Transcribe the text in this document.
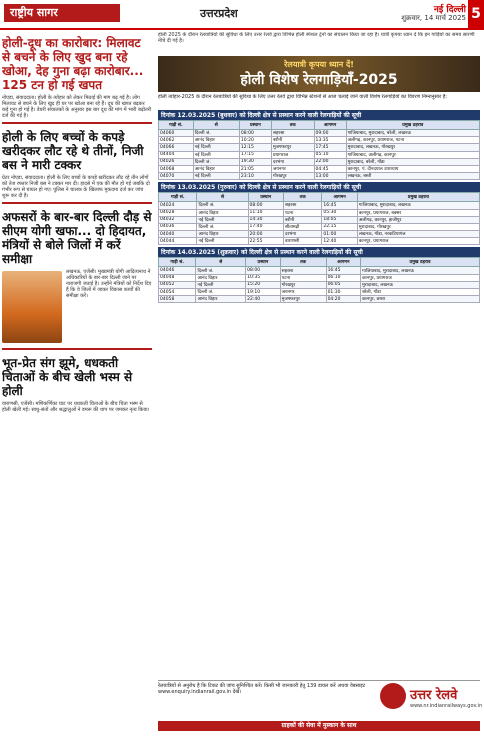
राष्ट्रीय सागर	उत्तरप्रदेश	नई दिल्ली
शुक्रवार, 14 मार्च 2025 5
होली-दूध का कारोबार: मिलावट से बचने के लिए खुद बना रहे खोआ, देह गुना बढ़ा कारोबार... 125 टन हो गई खपत
नोएडा, संवाददाता। होली के त्योहार को लेकर मिठाई की मांग बढ़ गई है। लोग मिलावट से बचने के लिए खुद ही घर पर खोआ बना रहे हैं। दूध की खपत बढ़कर कई गुना हो गई है। डेयरी संचालकों के अनुसार इस बार दूध की मांग में भारी बढ़ोतरी दर्ज की गई है।
होली के लिए बच्चों के कपड़े खरीदकर लौट रहे थे तीनों, निजी बस ने मारी टक्कर
ग्रेटर नोएडा, संवाददाता। होली के लिए बच्चों के कपड़े खरीदकर लौट रहे तीन लोगों को तेज रफ्तार निजी बस ने टक्कर मार दी। हादसे में एक की मौत हो गई जबकि दो गंभीर रूप से घायल हो गए। पुलिस ने चालक के खिलाफ मुकदमा दर्ज कर जांच शुरू कर दी है।
अफसरों के बार-बार दिल्ली दौड़ से सीएम योगी खफा... दो हिदायत, मंत्रियों से बोले जिलों में करें समीक्षा
लखनऊ, एजेंसी। मुख्यमंत्री योगी आदित्यनाथ ने अधिकारियों के बार-बार दिल्ली जाने पर नाराजगी जताई है। उन्होंने मंत्रियों को निर्देश दिए हैं कि वे जिलों में जाकर विकास कार्यों की समीक्षा करें।
भूत-प्रेत संग झूमे, धधकती चिताओं के बीच खेली भस्म से होली
वाराणसी, एजेंसी। मणिकर्णिका घाट पर धधकती चिताओं के बीच चिता भस्म से होली खेली गई। साधु-संतों और श्रद्धालुओं ने डमरू की थाप पर जमकर नृत्य किया।
होली 2025 के दौरान रेलयात्रियों की सुविधा के लिए उत्तर रेलवे द्वारा विभिन्न होली स्पेशल ट्रेनों का संचालन किया जा रहा है। यात्री कृपया ध्यान दें कि इन गाड़ियों का समय सारणी नीचे दी गई है।
रेलयात्री कृपया ध्यान दें!
होली विशेष रेलगाड़ियाँ-2025
होली त्योहार-2025 के दौरान रेलयात्रियों की सुविधा के लिए उत्तर रेलवे द्वारा विभिन्न स्टेशनों से आज चलाई जाने वाली विशेष रेलगाड़ियों का विवरण निम्नानुसार है:
दिनांक 12.03.2025 (बुधवार) को दिल्ली क्षेत्र से प्रस्थान करने वाली रेलगाड़ियों की सूची
गाड़ी सं.	से	प्रस्थान	तक	आगमन	प्रमुख ठहराव
04060	दिल्ली जं.	08:00	सहरसा	09:00	गाजियाबाद, मुरादाबाद, बरेली, लखनऊ
04062	आनंद विहार	10:20	बरौनी	13:35	अलीगढ़, कानपुर, प्रयागराज, पटना
04066	नई दिल्ली	12:15	मुजफ्फरपुर	17:45	मुरादाबाद, लखनऊ, गोरखपुर
04404	नई दिल्ली	17:15	प्रयागराज	05:10	गाजियाबाद, अलीगढ़, कानपुर
04026	दिल्ली जं.	19:30	दरभंगा	22:00	मुरादाबाद, बरेली, गोंडा
04068	आनंद विहार	21:05	जयनगर	04:45	कानपुर, पं. दीनदयाल उपाध्याय
04070	नई दिल्ली	23:10	गोरखपुर	13:00	लखनऊ, बस्ती
दिनांक 13.03.2025 (गुरुवार) को दिल्ली क्षेत्र से प्रस्थान करने वाली रेलगाड़ियों की सूची
गाड़ी सं.	से	प्रस्थान	तक	आगमन	प्रमुख ठहराव
04024	दिल्ली जं.	08:00	सहरसा	16:45	गाजियाबाद, मुरादाबाद, लखनऊ
04028	आनंद विहार	11:10	पटना	05:30	कानपुर, प्रयागराज, बक्सर
04032	नई दिल्ली	14:30	बरौनी	18:05	अलीगढ़, कानपुर, हाजीपुर
04036	दिल्ली जं.	17:40	सीतामढ़ी	22:15	मुरादाबाद, गोरखपुर
04040	आनंद विहार	20:00	दरभंगा	01:00	लखनऊ, गोंडा, नरकटियागंज
04044	नई दिल्ली	22:55	वाराणसी	12:40	कानपुर, प्रयागराज
दिनांक 14.03.2025 (शुक्रवार) को दिल्ली क्षेत्र से प्रस्थान करने वाली रेलगाड़ियों की सूची
गाड़ी सं.	से	प्रस्थान	तक	आगमन	प्रमुख ठहराव
04046	दिल्ली जं.	08:00	सहरसा	16:45	गाजियाबाद, मुरादाबाद, लखनऊ
04048	आनंद विहार	10:35	पटना	06:10	कानपुर, प्रयागराज
04052	नई दिल्ली	15:20	गोरखपुर	06:05	मुरादाबाद, लखनऊ
04054	दिल्ली जं.	19:10	जयनगर	01:30	बरेली, गोंडा
04058	आनंद विहार	22:40	मुजफ्फरपुर	04:20	कानपुर, छपरा
रेलयात्रियों से अनुरोध है कि टिकट की जांच सुनिश्चित करें। किसी भी जानकारी हेतु 139 डायल करें अथवा वेबसाइट www.enquiry.indianrail.gov.in देखें।	उत्तर रेलवे
www.nr.indianrailways.gov.in
ग्राहकों की सेवा में मुस्कान के साथ
